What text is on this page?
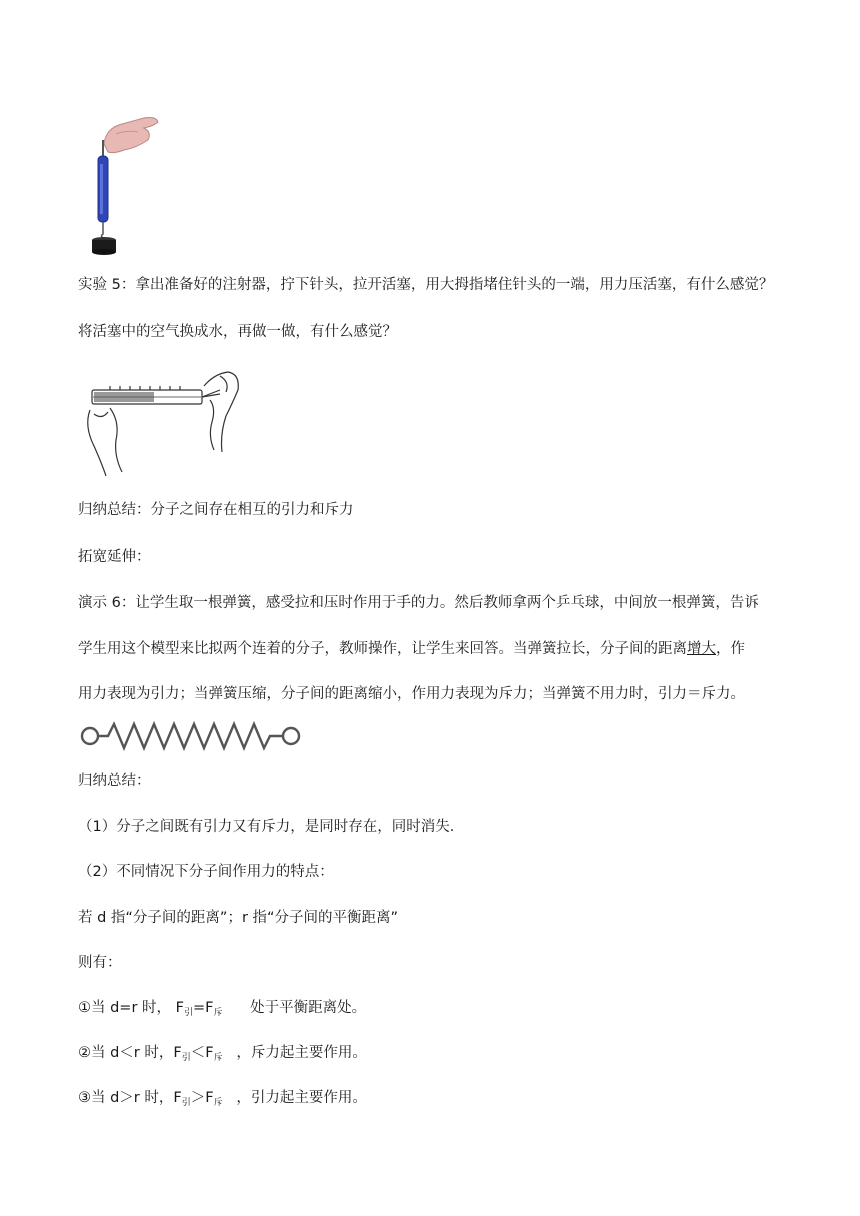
实验 5：拿出准备好的注射器，拧下针头，拉开活塞，用大拇指堵住针头的一端，用力压活塞，有什么感觉？
将活塞中的空气换成水，再做一做，有什么感觉？
归纳总结：分子之间存在相互的引力和斥力
拓宽延伸：
演示 6：让学生取一根弹簧，感受拉和压时作用于手的力。然后教师拿两个乒乓球，中间放一根弹簧，告诉
学生用这个模型来比拟两个连着的分子，教师操作，让学生来回答。当弹簧拉长，分子间的距离增大，作
用力表现为引力；当弹簧压缩，分子间的距离缩小，作用力表现为斥力；当弹簧不用力时，引力＝斥力。
归纳总结：
（1）分子之间既有引力又有斥力，是同时存在，同时消失．
（2）不同情况下分子间作用力的特点：
若 d 指“分子间的距离”；r 指“分子间的平衡距离”
则有：
①当 d=r 时， $F_引=F_斥$      处于平衡距离处。
②当 d＜r 时，$F_引<F_斥$   ，斥力起主要作用。
③当 d＞r 时，$F_引>F_斥$   ，引力起主要作用。
